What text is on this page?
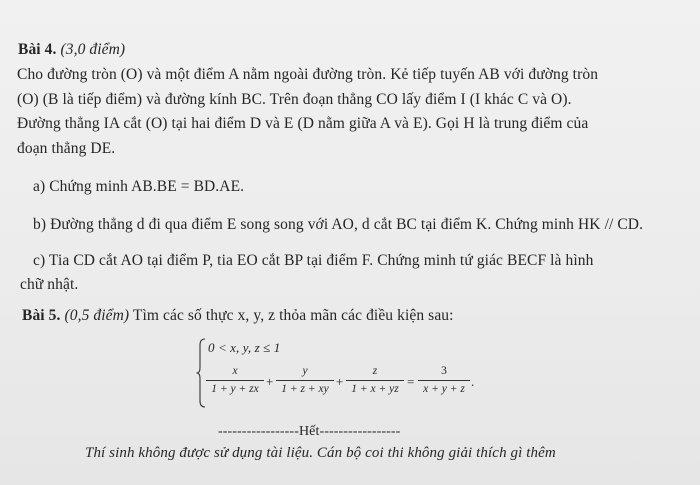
Bài 4. (3,0 điểm)
Cho đường tròn (O) và một điểm A nằm ngoài đường tròn. Kẻ tiếp tuyến AB với đường tròn
(O) (B là tiếp điểm) và đường kính BC. Trên đoạn thẳng CO lấy điểm I (I khác C và O).
Đường thẳng IA cắt (O) tại hai điểm D và E (D nằm giữa A và E). Gọi H là trung điểm của
đoạn thẳng DE.
a) Chứng minh AB.BE = BD.AE.
b) Đường thẳng d đi qua điểm E song song với AO, d cắt BC tại điểm K. Chứng minh HK // CD.
c) Tia CD cắt AO tại điểm P, tia EO cắt BP tại điểm F. Chứng minh tứ giác BECF là hình
chữ nhật.
Bài 5. (0,5 điểm) Tìm các số thực x, y, z thỏa mãn các điều kiện sau:
0 < x, y, z ≤ 1
x
1 + y + zx +
y
1 + z + xy +
z
1 + x + yz =
3
x + y + z .
-----------------Hết-----------------
Thí sinh không được sử dụng tài liệu. Cán bộ coi thi không giải thích gì thêm
